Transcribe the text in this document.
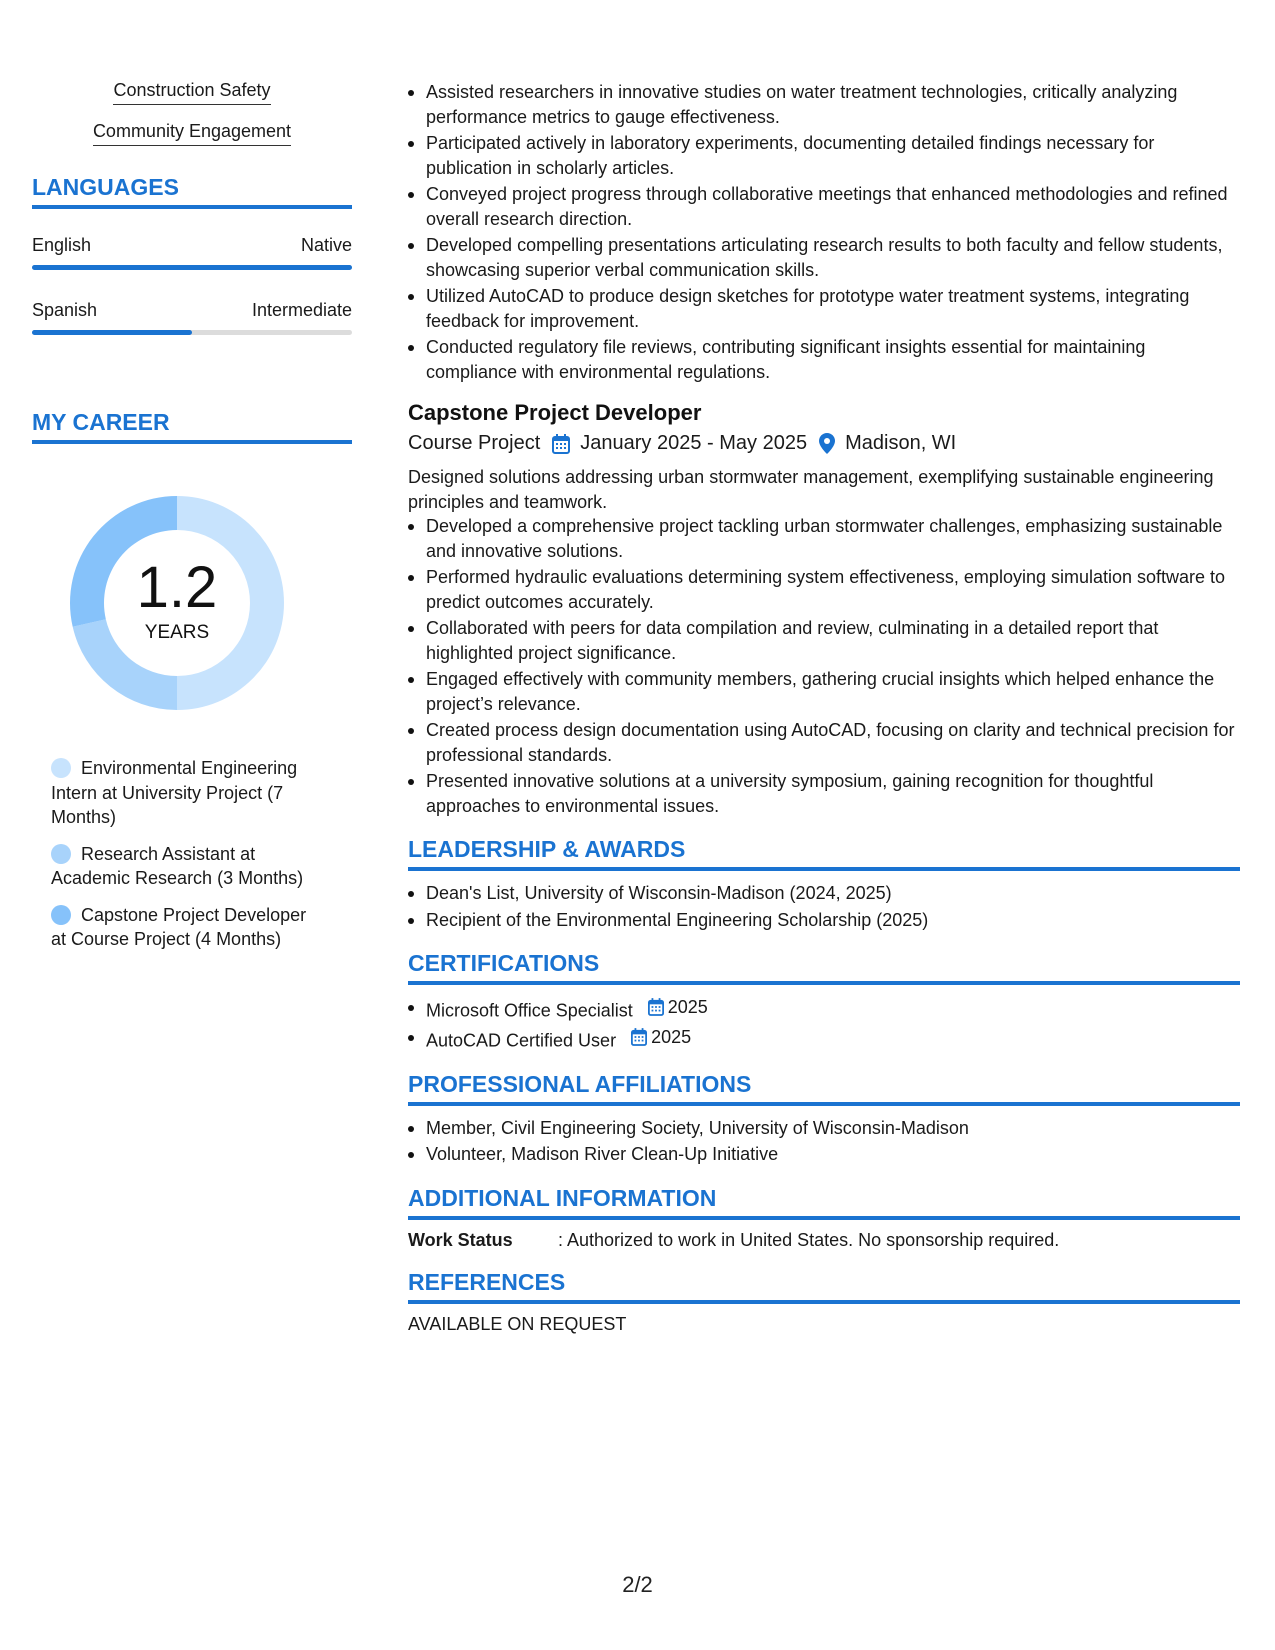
Construction Safety
Community Engagement
LANGUAGES
English	Native
Spanish	Intermediate
MY CAREER
1.2
YEARS
Environmental Engineering Intern at University Project (7 Months)
Research Assistant at Academic Research (3 Months)
Capstone Project Developer at Course Project (4 Months)
Assisted researchers in innovative studies on water treatment technologies, critically analyzing performance metrics to gauge effectiveness.
Participated actively in laboratory experiments, documenting detailed findings necessary for publication in scholarly articles.
Conveyed project progress through collaborative meetings that enhanced methodologies and refined overall research direction.
Developed compelling presentations articulating research results to both faculty and fellow students, showcasing superior verbal communication skills.
Utilized AutoCAD to produce design sketches for prototype water treatment systems, integrating feedback for improvement.
Conducted regulatory file reviews, contributing significant insights essential for maintaining compliance with environmental regulations.
Capstone Project Developer
Course Project January 2025 - May 2025 Madison, WI
Designed solutions addressing urban stormwater management, exemplifying sustainable engineering principles and teamwork.
Developed a comprehensive project tackling urban stormwater challenges, emphasizing sustainable and innovative solutions.
Performed hydraulic evaluations determining system effectiveness, employing simulation software to predict outcomes accurately.
Collaborated with peers for data compilation and review, culminating in a detailed report that highlighted project significance.
Engaged effectively with community members, gathering crucial insights which helped enhance the project’s relevance.
Created process design documentation using AutoCAD, focusing on clarity and technical precision for professional standards.
Presented innovative solutions at a university symposium, gaining recognition for thoughtful approaches to environmental issues.
LEADERSHIP & AWARDS
Dean's List, University of Wisconsin-Madison (2024, 2025)
Recipient of the Environmental Engineering Scholarship (2025)
CERTIFICATIONS
Microsoft Office Specialist 2025
AutoCAD Certified User 2025
PROFESSIONAL AFFILIATIONS
Member, Civil Engineering Society, University of Wisconsin-Madison
Volunteer, Madison River Clean-Up Initiative
ADDITIONAL INFORMATION
Work Status	: Authorized to work in United States. No sponsorship required.
REFERENCES
AVAILABLE ON REQUEST
2/2
